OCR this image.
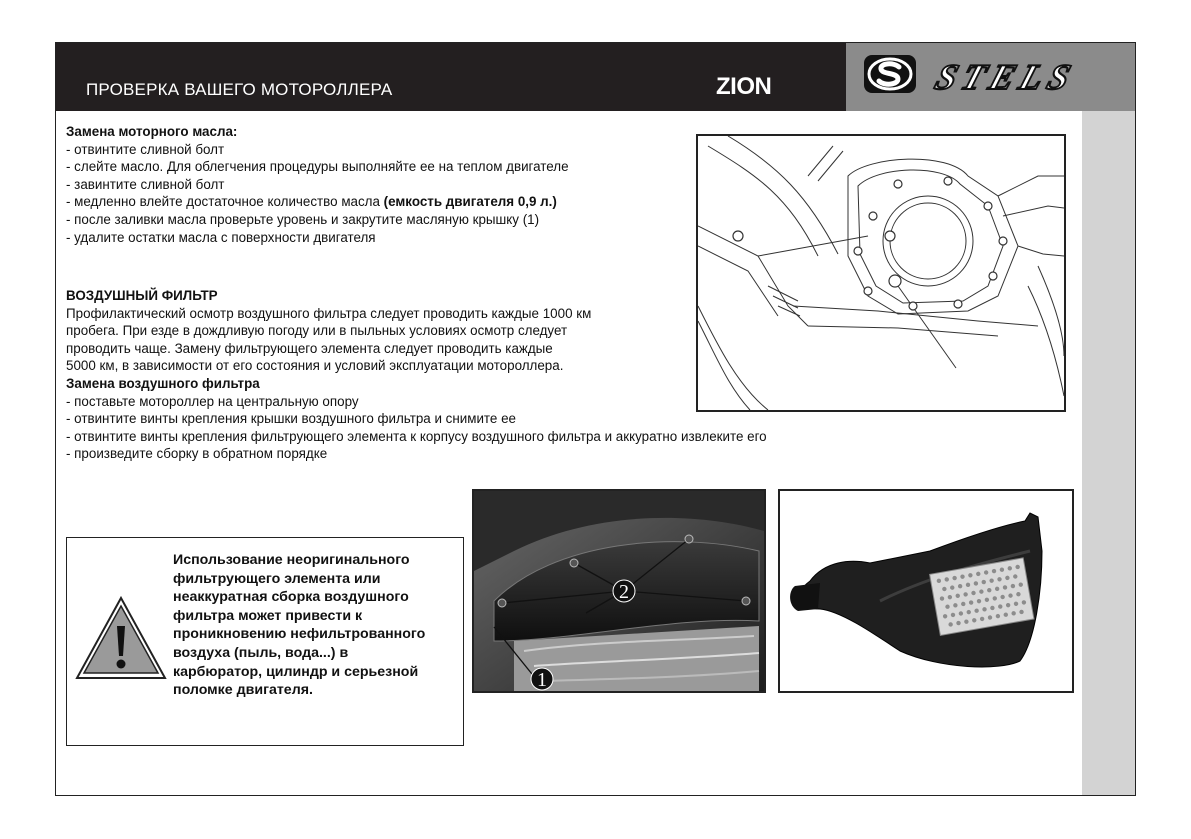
ПРОВЕРКА ВАШЕГО МОТОРОЛЛЕРА	ZION	STELS

Замена моторного масла:

- отвинтите сливной болт

- слейте масло. Для облегчения процедуры выполняйте ее на теплом двигателе

- завинтите сливной болт

- медленно влейте достаточное количество масла (емкость двигателя 0,9 л.)

- после заливки масла проверьте уровень и закрутите масляную крышку (1)

- удалите остатки масла с поверхности двигателя

ВОЗДУШНЫЙ ФИЛЬТР

Профилактический осмотр воздушного фильтра следует проводить каждые 1000 км

пробега. При езде в дождливую погоду или в пыльных условиях осмотр следует

проводить чаще. Замену фильтрующего элемента следует проводить каждые

5000 км, в зависимости от его состояния и условий эксплуатации мотороллера.

Замена воздушного фильтра

- поставьте мотороллер на центральную опору

- отвинтите винты крепления крышки воздушного фильтра и снимите ее

- отвинтите винты крепления фильтрующего элемента к корпусу воздушного фильтра и аккуратно извлеките его

- произведите сборку в обратном порядке

2
1
Использование неоригинального
фильтрующего элемента или
неаккуратная сборка воздушного
фильтра может привести к
проникновению нефильтрованного
воздуха (пыль, вода...) в
карбюратор, цилиндр и серьезной
поломке двигателя.
